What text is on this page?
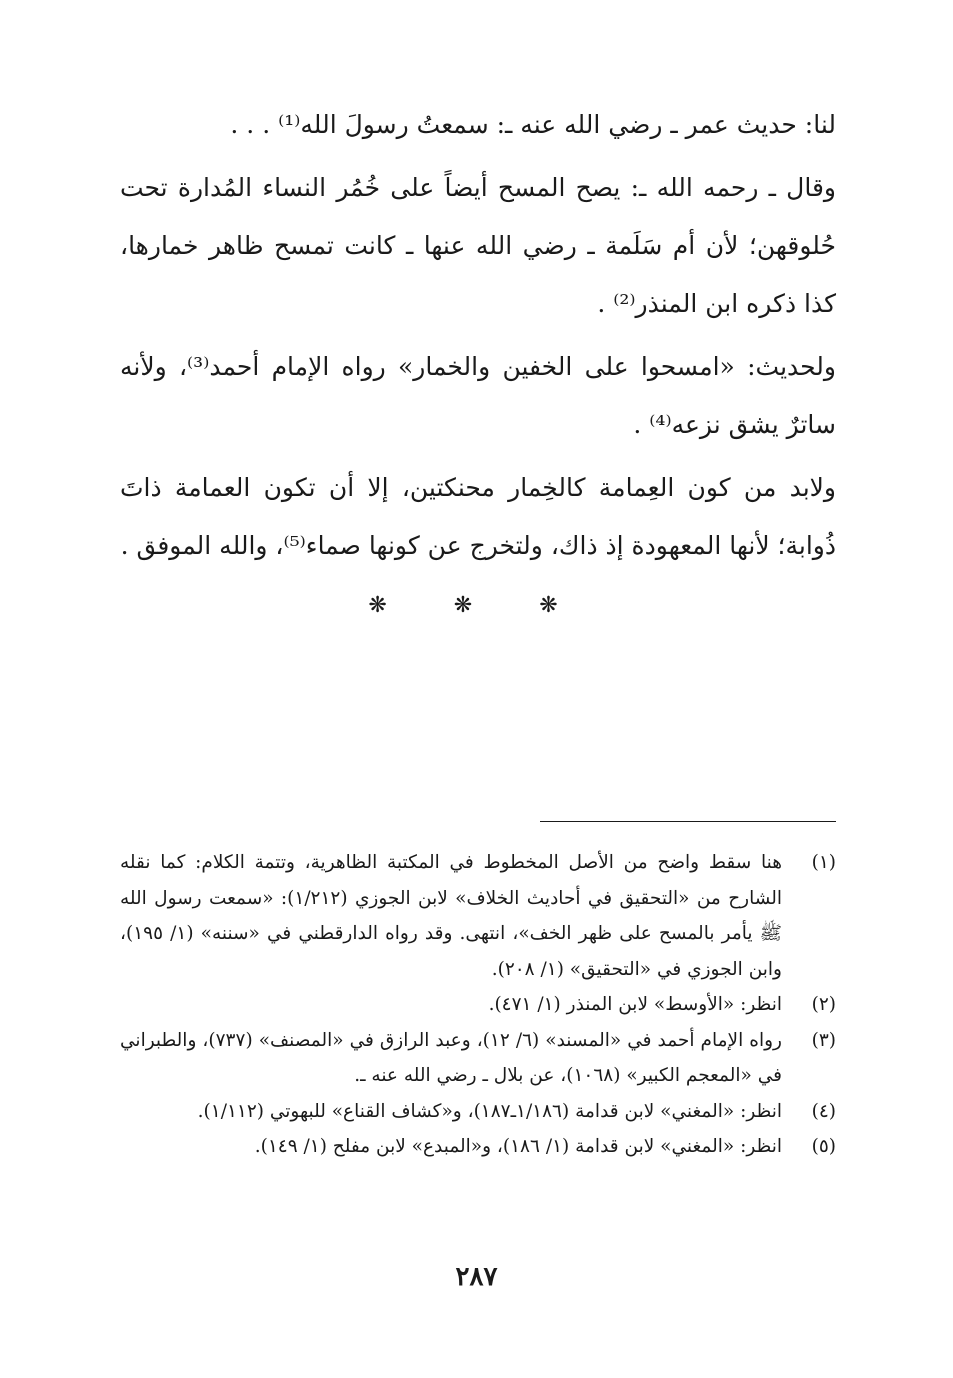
لنا: حديث عمر ـ رضي الله عنه ـ: سمعتُ رسولَ الله⁽¹⁾ . . .

وقال ـ رحمه الله ـ: يصح المسح أيضاً على خُمُر النساء المُدارة تحت حُلوقهن؛ لأن أم سَلَمة ـ رضي الله عنها ـ كانت تمسح ظاهر خمارها، كذا ذكره ابن المنذر⁽²⁾ .

ولحديث: «امسحوا على الخفين والخمار» رواه الإمام أحمد⁽³⁾، ولأنه ساترٌ يشق نزعه⁽⁴⁾ .

ولابد من كون العِمامة كالخِمار محنكتين، إلا أن تكون العمامة ذاتَ ذُوابة؛ لأنها المعهودة إذ ذاك، ولتخرج عن كونها صماء⁽⁵⁾، والله الموفق .

❋ ❋ ❋
(١)
هنا سقط واضح من الأصل المخطوط في المكتبة الظاهرية، وتتمة الكلام: كما نقله الشارح من «التحقيق في أحاديث الخلاف» لابن الجوزي (١/٢١٢): «سمعت رسول الله ﷺ يأمر بالمسح على ظهر الخف»، انتهى. وقد رواه الدارقطني في «سننه» (١/ ١٩٥)، وابن الجوزي في «التحقيق» (١/ ٢٠٨).
(٢)
انظر: «الأوسط» لابن المنذر (١/ ٤٧١).
(٣)
رواه الإمام أحمد في «المسند» (٦/ ١٢)، وعبد الرازق في «المصنف» (٧٣٧)، والطبراني في «المعجم الكبير» (١٠٦٨)، عن بلال ـ رضي الله عنه ـ.
(٤)
انظر: «المغني» لابن قدامة (١/١٨٦ـ١٨٧)، و«كشاف القناع» للبهوتي (١/١١٢).
(٥)
انظر: «المغني» لابن قدامة (١/ ١٨٦)، و«المبدع» لابن مفلح (١/ ١٤٩).
٢٨٧
